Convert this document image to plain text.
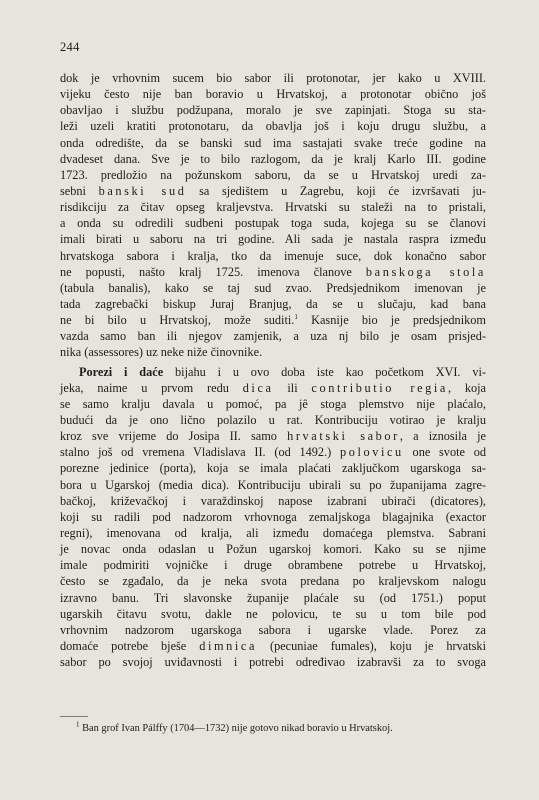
244
dok je vrhovnim sucem bio sabor ili protonotar, jer kako u XVIII.
vijeku često nije ban boravio u Hrvatskoj, a protonotar obično još
obavljao i službu podžupana, moralo je sve zapinjati. Stoga su sta-
leži uzeli kratiti protonotaru, da obavlja još i koju drugu službu, a
onda odredište, da se banski sud ima sastajati svake treće godine na
dvadeset dana. Sve je to bilo razlogom, da je kralj Karlo III. godine
1723. predložio na požunskom saboru, da se u Hrvatskoj uredi za-
sebni banski sud sa sjedištem u Zagrebu, koji će izvršavati ju-
risdikciju za čitav opseg kraljevstva. Hrvatski su staleži na to pristali,
a onda su odredili sudbeni postupak toga suda, kojega su se članovi
imali birati u saboru na tri godine. Ali sada je nastala raspra između
hrvatskoga sabora i kralja, tko da imenuje suce, dok konačno sabor
ne popusti, našto kralj 1725. imenova članove banskoga stola
(tabula banalis), kako se taj sud zvao. Predsjednikom imenovan je
tada zagrebački biskup Juraj Branjug, da se u slučaju, kad bana
ne bi bilo u Hrvatskoj, može suditi.$^1$ Kasnije bio je predsjednikom
vazda samo ban ili njegov zamjenik, a uza nj bilo je osam prisjed-
nika (assessores) uz neke niže činovnike.
Porezi i daće bijahu i u ovo doba iste kao početkom XVI. vi-
jeka, naime u prvom redu dica ili contributio regia, koja
se samo kralju davala u pomoć, pa jê stoga plemstvo nije plaćalo,
budući da je ono lično polazilo u rat. Kontribuciju votirao je kralju
kroz sve vrijeme do Josipa II. samo hrvatski sabor, a iznosila je
stalno još od vremena Vladislava II. (od 1492.) polovicu one svote od
porezne jedinice (porta), koja se imala plaćati zaključkom ugarskoga sa-
bora u Ugarskoj (media dica). Kontribuciju ubirali su po županijama zagre-
bačkoj, križevačkoj i varaždinskoj napose izabrani ubirači (dicatores),
koji su radili pod nadzorom vrhovnoga zemaljskoga blagajnika (exactor
regni), imenovana od kralja, ali između domaćega plemstva. Sabrani
je novac onda odaslan u Požun ugarskoj komori. Kako su se njime
imale podmiriti vojničke i druge obrambene potrebe u Hrvatskoj,
često se zgađalo, da je neka svota predana po kraljevskom nalogu
izravno banu. Tri slavonske županije plaćale su (od 1751.) poput
ugarskih čitavu svotu, dakle ne polovicu, te su u tom bile pod
vrhovnim nadzorom ugarskoga sabora i ugarske vlade. Porez za
domaće potrebe bješe dimnica (pecuniae fumales), koju je hrvatski
sabor po svojoj uviđavnosti i potrebi određivao izabravši za to svoga
$^1$ Ban grof Ivan Pálffy (1704—1732) nije gotovo nikad boravio u Hrvatskoj.
